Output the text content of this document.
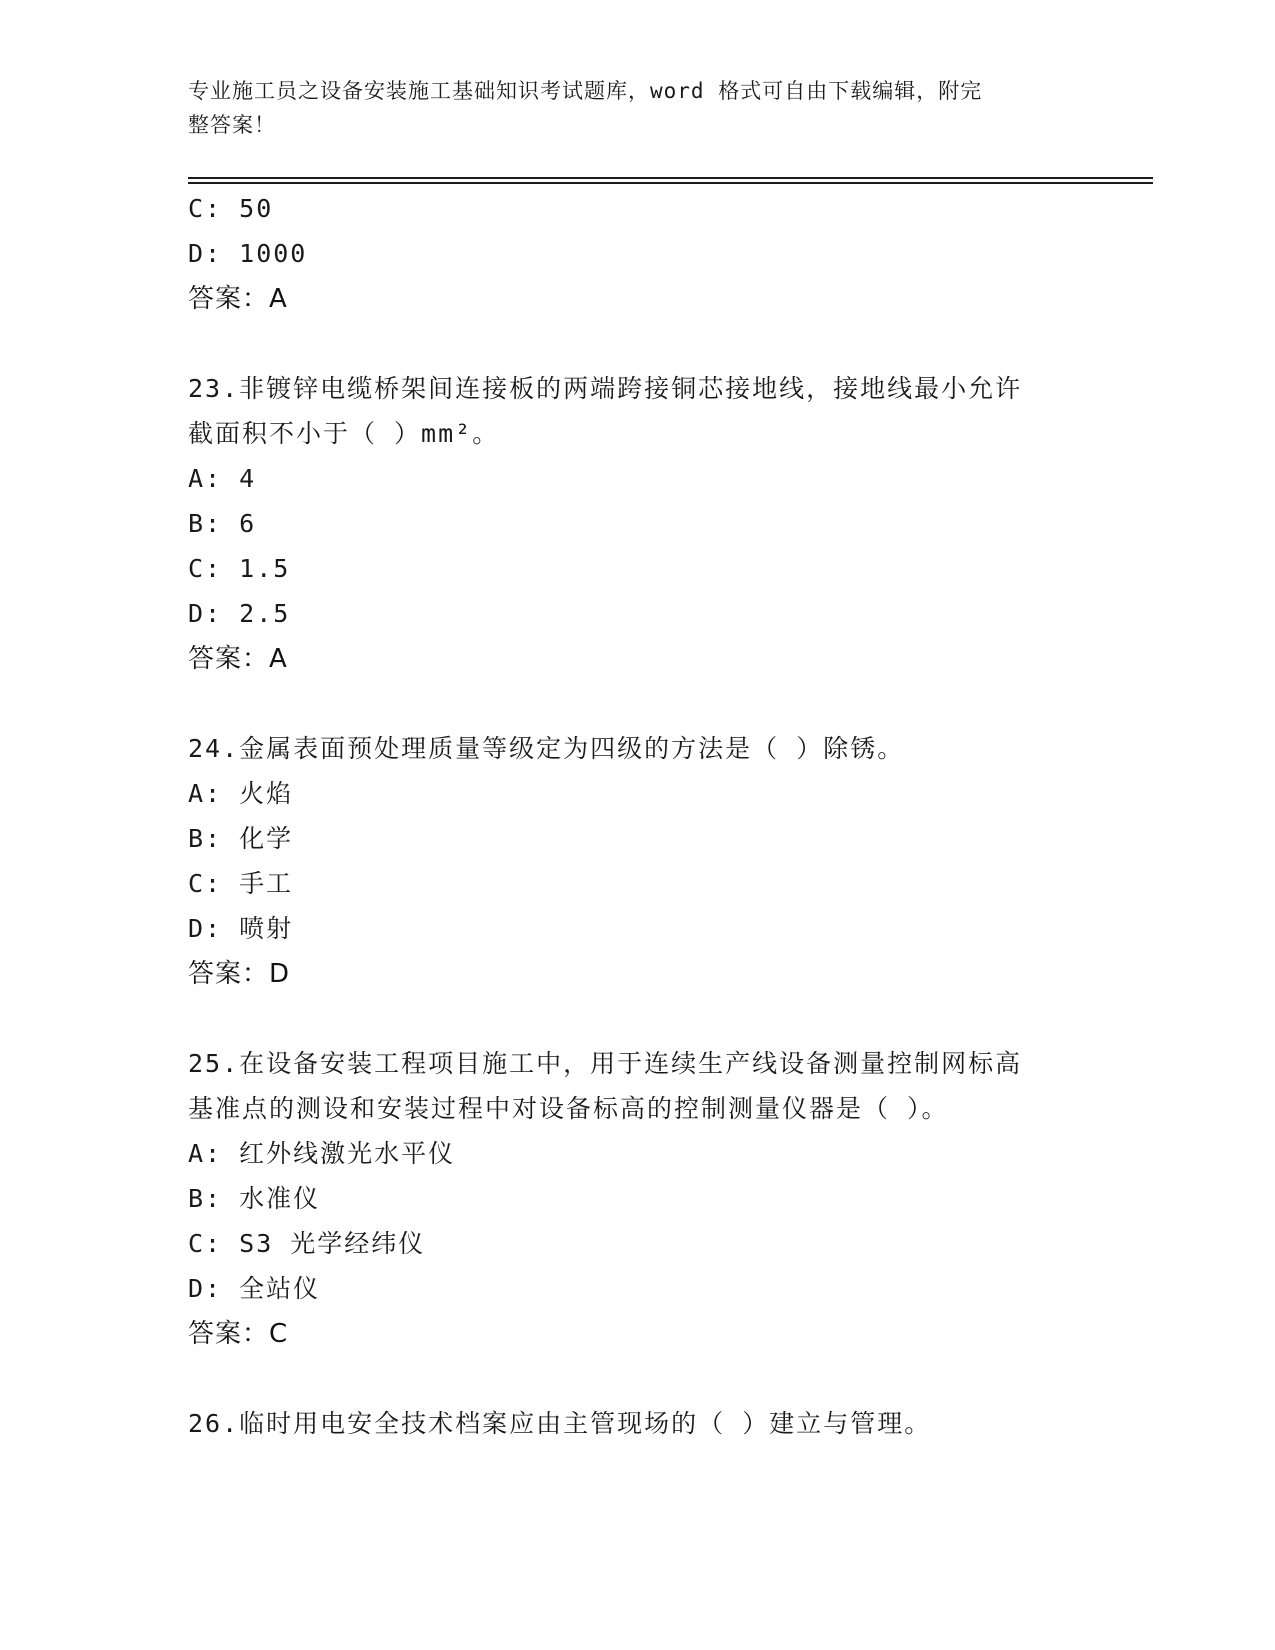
专业施工员之设备安装施工基础知识考试题库，word 格式可自由下载编辑，附完
整答案！
C: 50
D: 1000
答案：A
23.非镀锌电缆桥架间连接板的两端跨接铜芯接地线，接地线最小允许
截面积不小于（ ）mm²。
A: 4
B: 6
C: 1.5
D: 2.5
答案：A
24.金属表面预处理质量等级定为四级的方法是（ ）除锈。
A: 火焰
B: 化学
C: 手工
D: 喷射
答案：D
25.在设备安装工程项目施工中，用于连续生产线设备测量控制网标高
基准点的测设和安装过程中对设备标高的控制测量仪器是（ ）。
A: 红外线激光水平仪
B: 水准仪
C: S3 光学经纬仪
D: 全站仪
答案：C
26.临时用电安全技术档案应由主管现场的（ ）建立与管理。
